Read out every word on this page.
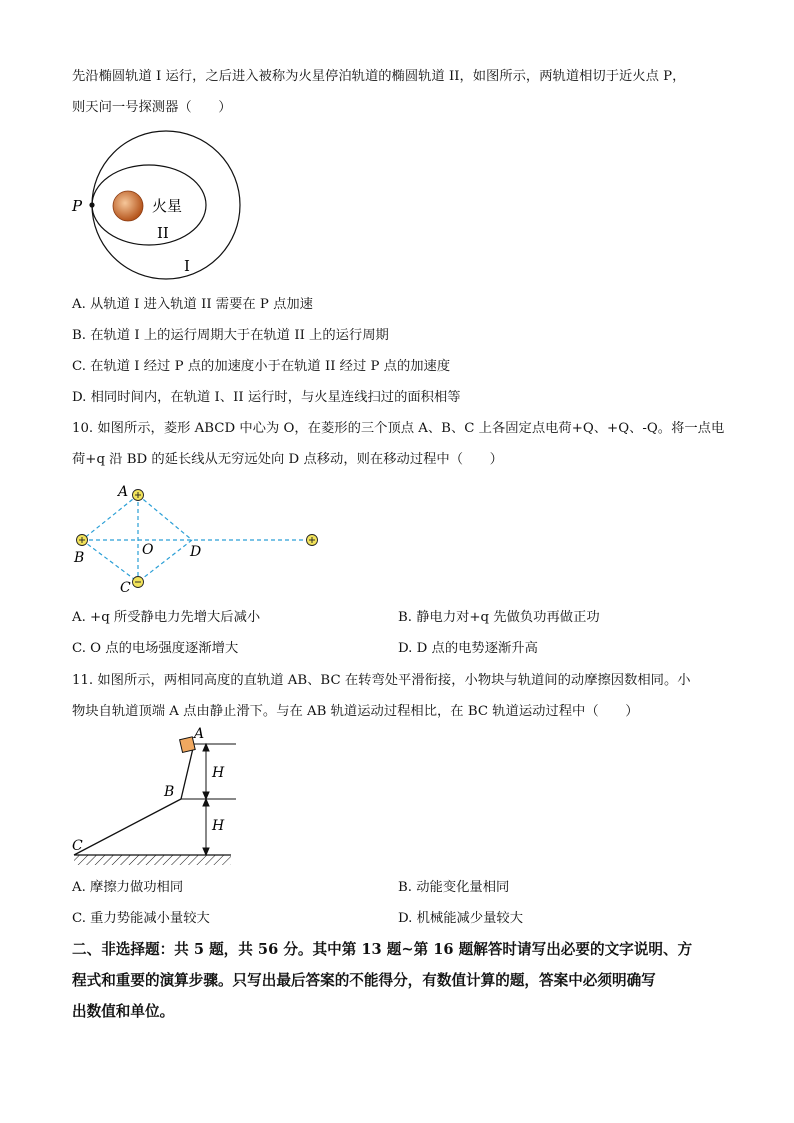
先沿椭圆轨道 I 运行，之后进入被称为火星停泊轨道的椭圆轨道 II，如图所示，两轨道相切于近火点 P，
则天问一号探测器（　　）
P	火星
II
I
A. 从轨道 I 进入轨道 II 需要在 P 点加速
B. 在轨道 I 上的运行周期大于在轨道 II 上的运行周期
C. 在轨道 I 经过 P 点的加速度小于在轨道 II 经过 P 点的加速度
D. 相同时间内，在轨道 I、II 运行时，与火星连线扫过的面积相等
10. 如图所示，菱形 ABCD 中心为 O，在菱形的三个顶点 A、B、C 上各固定点电荷+Q、+Q、-Q。将一点电
荷+q 沿 BD 的延长线从无穷远处向 D 点移动，则在移动过程中（　　）
A
B
C
D
O
A. +q 所受静电力先增大后减小	B. 静电力对+q 先做负功再做正功
C. O 点的电场强度逐渐增大	D. D 点的电势逐渐升高
11. 如图所示，两相同高度的直轨道 AB、BC 在转弯处平滑衔接，小物块与轨道间的动摩擦因数相同。小
物块自轨道顶端 A 点由静止滑下。与在 AB 轨道运动过程相比，在 BC 轨道运动过程中（　　）
A
B
C
H
H
A. 摩擦力做功相同	B. 动能变化量相同
C. 重力势能减小量较大	D. 机械能减少量较大
二、非选择题：共 5 题，共 56 分。其中第 13 题~第 16 题解答时请写出必要的文字说明、方
程式和重要的演算步骤。只写出最后答案的不能得分，有数值计算的题，答案中必须明确写
出数值和单位。
